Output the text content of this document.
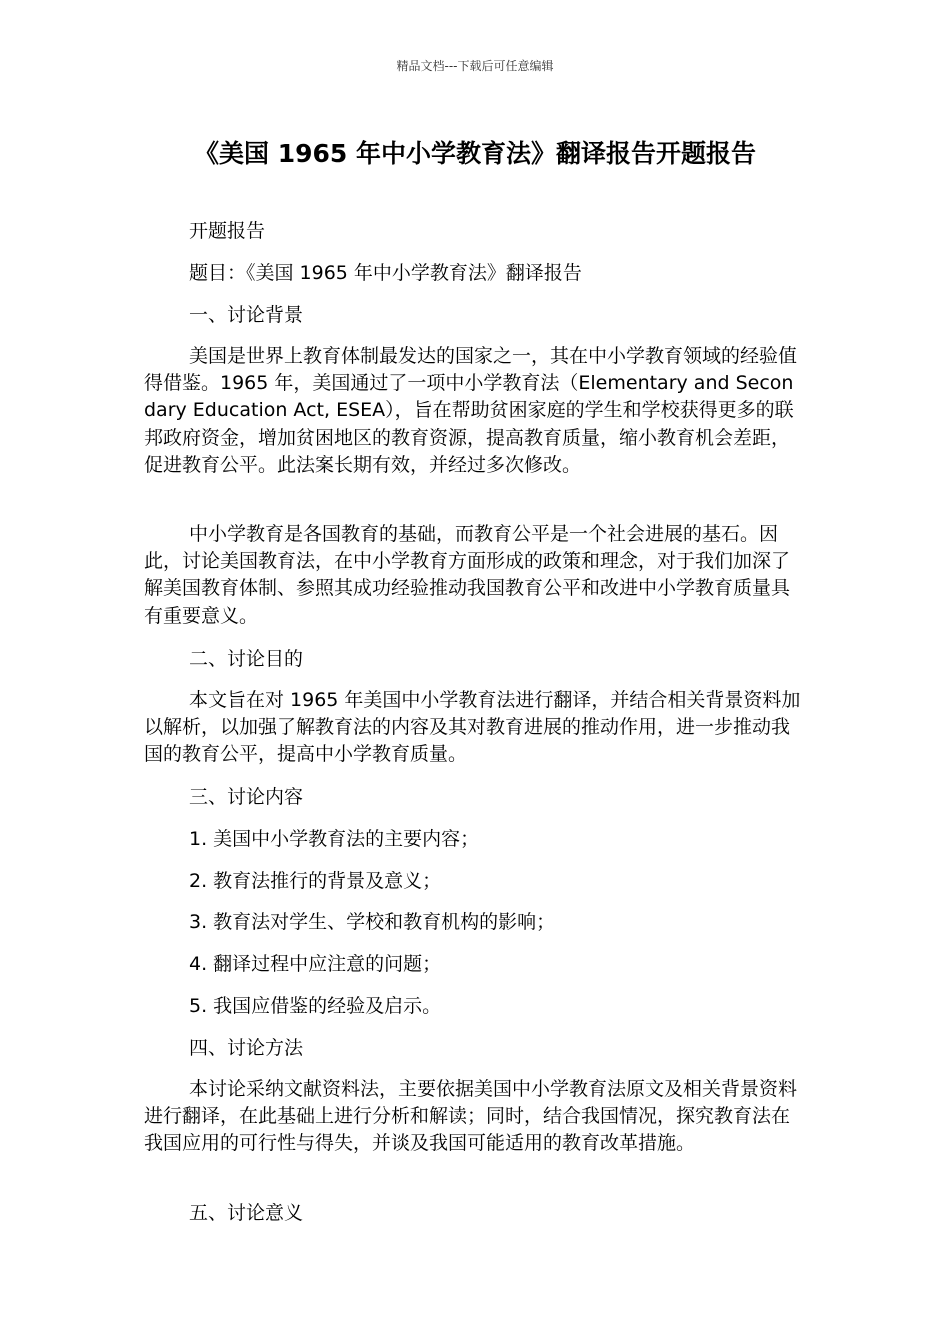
精品文档---下载后可任意编辑
《美国 1965 年中小学教育法》翻译报告开题报告
开题报告
题目：《美国 1965 年中小学教育法》翻译报告
一、讨论背景

美国是世界上教育体制最发达的国家之一，其在中小学教育领域的经验值得借鉴。1965 年，美国通过了一项中小学教育法（Elementary and Secondary Education Act, ESEA），旨在帮助贫困家庭的学生和学校获得更多的联邦政府资金，增加贫困地区的教育资源，提高教育质量，缩小教育机会差距，促进教育公平。此法案长期有效，并经过多次修改。

中小学教育是各国教育的基础，而教育公平是一个社会进展的基石。因此，讨论美国教育法，在中小学教育方面形成的政策和理念，对于我们加深了解美国教育体制、参照其成功经验推动我国教育公平和改进中小学教育质量具有重要意义。

二、讨论目的

本文旨在对 1965 年美国中小学教育法进行翻译，并结合相关背景资料加以解析，以加强了解教育法的内容及其对教育进展的推动作用，进一步推动我国的教育公平，提高中小学教育质量。

三、讨论内容
1. 美国中小学教育法的主要内容；
2. 教育法推行的背景及意义；
3. 教育法对学生、学校和教育机构的影响；
4. 翻译过程中应注意的问题；
5. 我国应借鉴的经验及启示。
四、讨论方法

本讨论采纳文献资料法，主要依据美国中小学教育法原文及相关背景资料进行翻译，在此基础上进行分析和解读；同时，结合我国情况，探究教育法在我国应用的可行性与得失，并谈及我国可能适用的教育改革措施。

五、讨论意义
